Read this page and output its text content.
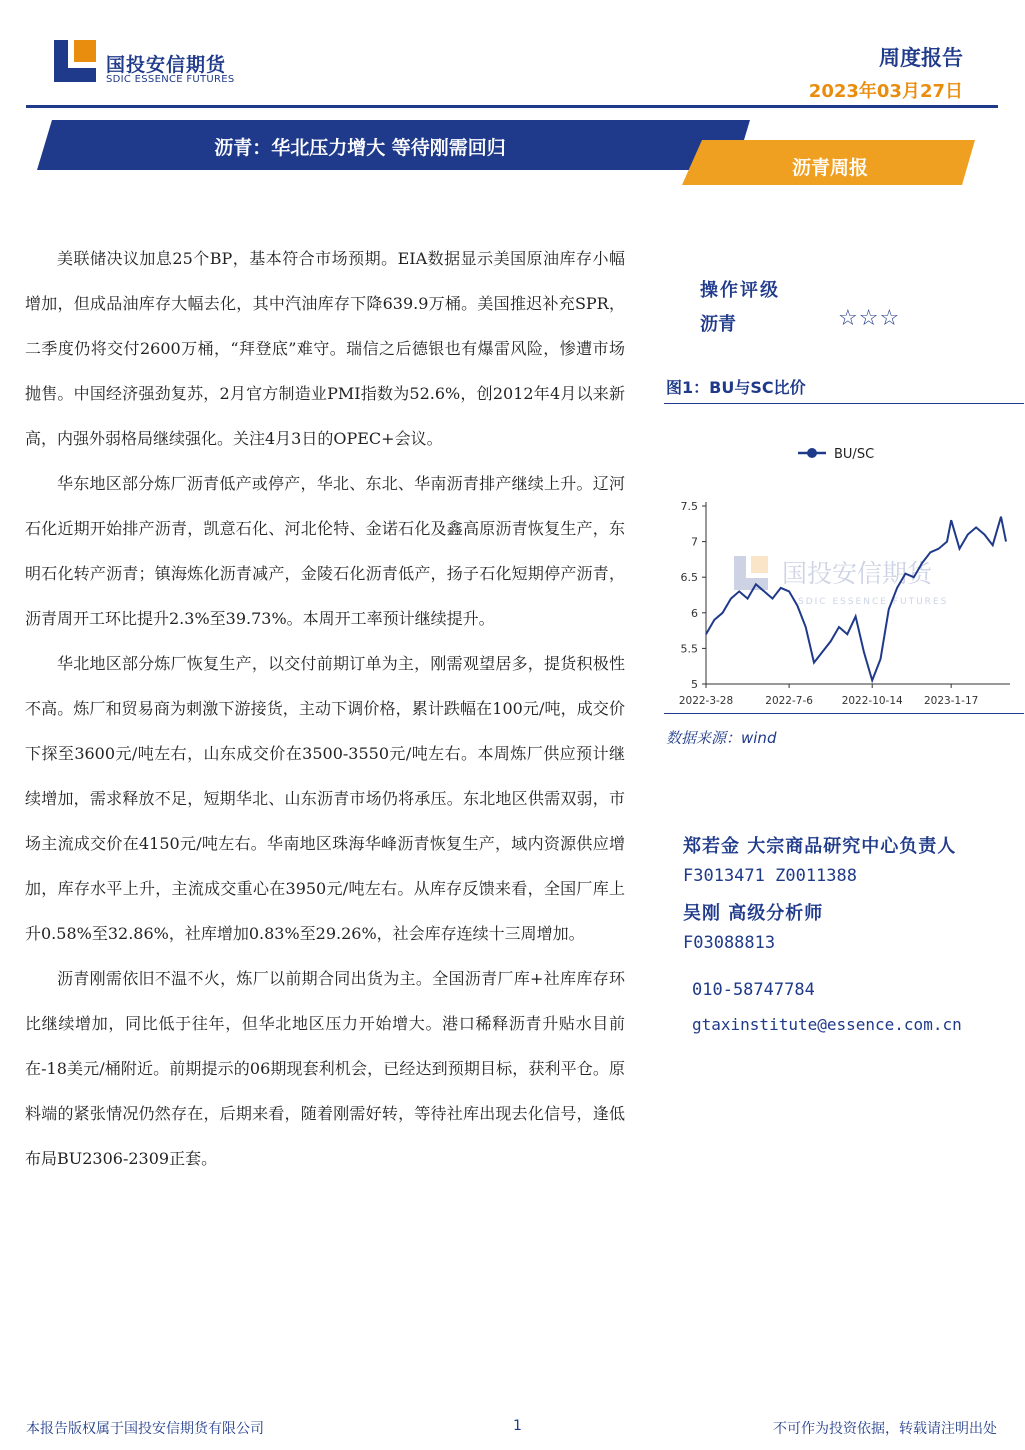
国投安信期货
SDIC ESSENCE FUTURES
周度报告
2023年03月27日
沥青：华北压力增大 等待刚需回归
沥青周报

美联储决议加息25个BP，基本符合市场预期。EIA数据显示美国原油库存小幅增加，但成品油库存大幅去化，其中汽油库存下降639.9万桶。美国推迟补充SPR，二季度仍将交付2600万桶，“拜登底”难守。瑞信之后德银也有爆雷风险，惨遭市场抛售。中国经济强劲复苏，2月官方制造业PMI指数为52.6%，创2012年4月以来新高，内强外弱格局继续强化。关注4月3日的OPEC+会议。

华东地区部分炼厂沥青低产或停产，华北、东北、华南沥青排产继续上升。辽河石化近期开始排产沥青，凯意石化、河北伦特、金诺石化及鑫高原沥青恢复生产，东明石化转产沥青；镇海炼化沥青减产，金陵石化沥青低产，扬子石化短期停产沥青，沥青周开工环比提升2.3%至39.73%。本周开工率预计继续提升。

华北地区部分炼厂恢复生产，以交付前期订单为主，刚需观望居多，提货积极性不高。炼厂和贸易商为刺激下游接货，主动下调价格，累计跌幅在100元/吨，成交价下探至3600元/吨左右，山东成交价在3500-3550元/吨左右。本周炼厂供应预计继续增加，需求释放不足，短期华北、山东沥青市场仍将承压。东北地区供需双弱，市场主流成交价在4150元/吨左右。华南地区珠海华峰沥青恢复生产，域内资源供应增加，库存水平上升，主流成交重心在3950元/吨左右。从库存反馈来看，全国厂库上升0.58%至32.86%，社库增加0.83%至29.26%，社会库存连续十三周增加。

沥青刚需依旧不温不火，炼厂以前期合同出货为主。全国沥青厂库+社库库存环比继续增加，同比低于往年，但华北地区压力开始增大。港口稀释沥青升贴水目前在-18美元/桶附近。前期提示的06期现套利机会，已经达到预期目标，获利平仓。原料端的紧张情况仍然存在，后期来看，随着刚需好转，等待社库出现去化信号，逢低布局BU2306-2309正套。

操作评级
沥青	☆☆☆
图1：BU与SC比价
国投安信期货
SDIC ESSENCE FUTURES
BU/SC
5
5.5
6
6.5
7
7.5
2022-3-28	2022-7-6	2022-10-14 2023-1-17
数据来源：wind
郑若金 大宗商品研究中心负责人
F3013471 Z0011388
吴刚 高级分析师
F03088813
010-58747784
gtaxinstitute@essence.com.cn
本报告版权属于国投安信期货有限公司	1	不可作为投资依据，转载请注明出处
